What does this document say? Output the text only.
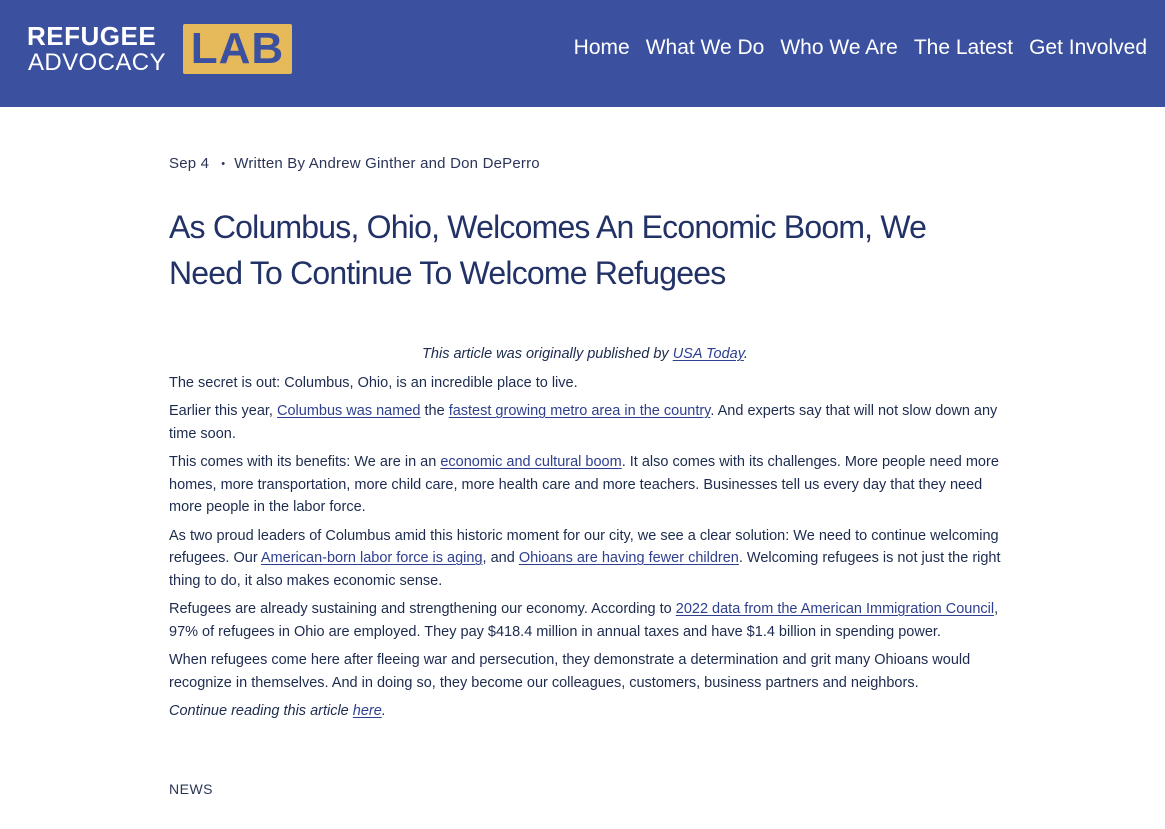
REFUGEE
ADVOCACY LAB	Home What We Do Who We Are The Latest Get Involved
Sep 4 • Written By Andrew Ginther and Don DePerro
As Columbus, Ohio, Welcomes An Economic Boom, We Need To Continue To Welcome Refugees

This article was originally published by USA Today.

The secret is out: Columbus, Ohio, is an incredible place to live.

Earlier this year, Columbus was named the fastest growing metro area in the country. And experts say that will not slow down any time soon.

This comes with its benefits: We are in an economic and cultural boom. It also comes with its challenges. More people need more homes, more transportation, more child care, more health care and more teachers. Businesses tell us every day that they need more people in the labor force.

As two proud leaders of Columbus amid this historic moment for our city, we see a clear solution: We need to continue welcoming refugees. Our American-born labor force is aging, and Ohioans are having fewer children. Welcoming refugees is not just the right thing to do, it also makes economic sense.

Refugees are already sustaining and strengthening our economy. According to 2022 data from the American Immigration Council, 97% of refugees in Ohio are employed. They pay $418.4 million in annual taxes and have $1.4 billion in spending power.

When refugees come here after fleeing war and persecution, they demonstrate a determination and grit many Ohioans would recognize in themselves. And in doing so, they become our colleagues, customers, business partners and neighbors.

Continue reading this article here.

NEWS
